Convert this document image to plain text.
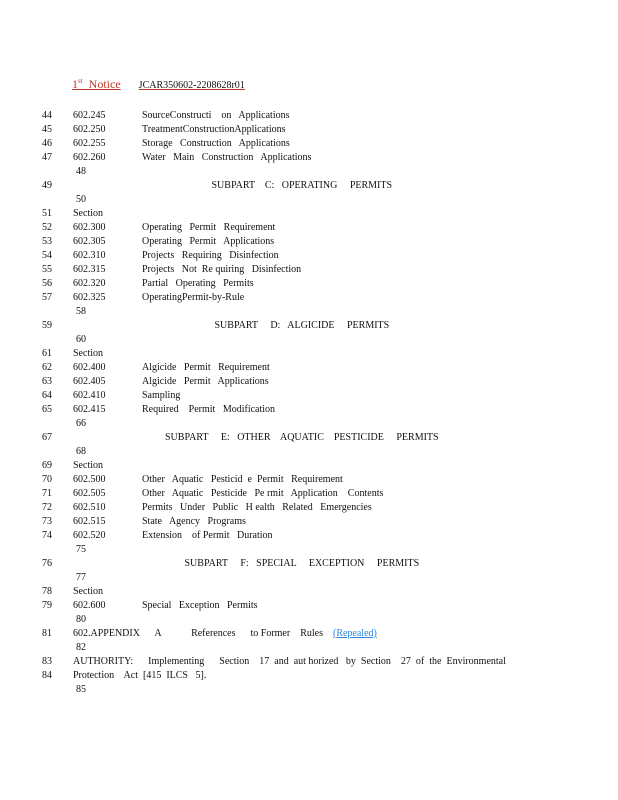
1st Notice JCAR350602-2208628r01
44 602.245	SourceConstructi    on   Applications
45 602.250	TreatmentConstructionApplications
46 602.255	Storage   Construction   Applications
47 602.260	Water   Main   Construction   Applications
48
49	SUBPART    C:   OPERATING     PERMITS
50
51 Section
52 602.300	Operating   Permit   Requirement
53 602.305	Operating   Permit   Applications
54 602.310	Projects   Requiring   Disinfection
55 602.315	Projects   Not  Re quiring   Disinfection
56 602.320	Partial   Operating   Permits
57 602.325	OperatingPermit-by-Rule
58
59	SUBPART     D:   ALGICIDE     PERMITS
60
61 Section
62 602.400	Algicide   Permit   Requirement
63 602.405	Algicide   Permit   Applications
64 602.410	Sampling
65 602.415	Required    Permit   Modification
66
67	SUBPART     E:   OTHER    AQUATIC    PESTICIDE     PERMITS
68
69 Section
70 602.500	Other   Aquatic   Pesticid  e  Permit   Requirement
71 602.505	Other   Aquatic   Pesticide   Pe rmit   Application    Contents
72 602.510	Permits   Under   Public   H ealth   Related   Emergencies
73 602.515	State   Agency   Programs
74 602.520	Extension    of Permit   Duration
75
76	SUBPART     F:   SPECIAL     EXCEPTION     PERMITS
77
78 Section
79 602.600	Special   Exception   Permits
80
81 602.APPENDIX      A            References      to Former    Rules (Repealed)
82
83 AUTHORITY:      Implementing      Section    17  and  aut horized   by  Section    27  of  the  Environmental
84 Protection    Act  [415  ILCS   5].
85
